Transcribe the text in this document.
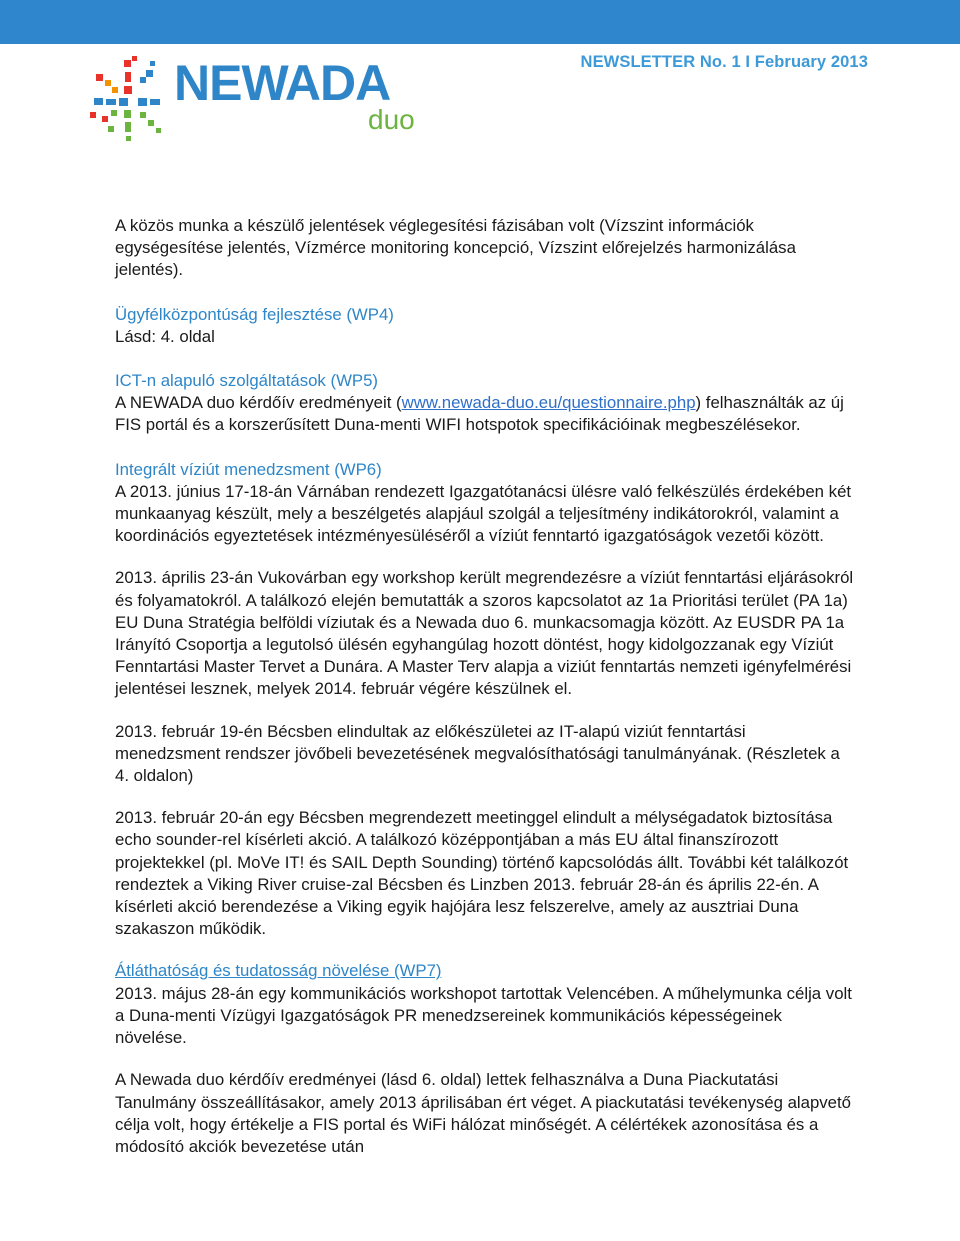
NEWSLETTER No. 1 I February 2013
NEWADA
duo

A közös munka a készülő jelentések véglegesítési fázisában volt (Vízszint információk egységesítése jelentés, Vízmérce monitoring koncepció, Vízszint előrejelzés harmonizálása jelentés).

Ügyfélközpontúság fejlesztése (WP4)

Lásd: 4. oldal

ICT-n alapuló szolgáltatások (WP5)

A NEWADA duo kérdőív eredményeit (www.newada-duo.eu/questionnaire.php) felhasználták az új FIS portál és a korszerűsített Duna-menti WIFI hotspotok specifikációinak megbeszélésekor.

Integrált víziút menedzsment (WP6)

A 2013. június 17-18-án Várnában rendezett Igazgatótanácsi ülésre való felkészülés érdekében két munkaanyag készült, mely a beszélgetés alapjául szolgál a teljesítmény indikátorokról, valamint a koordinációs egyeztetések intézményesüléséről a víziút fenntartó igazgatóságok vezetői között.

2013. április 23-án Vukovárban egy workshop került megrendezésre a víziút fenntartási eljárásokról és folyamatokról. A találkozó elején bemutatták a szoros kapcsolatot az 1a Prioritási terület (PA 1a) EU Duna Stratégia belföldi víziutak és a Newada duo 6. munkacsomagja között. Az EUSDR PA 1a Irányító Csoportja a legutolsó ülésén egyhangúlag hozott döntést, hogy kidolgozzanak egy Víziút Fenntartási Master Tervet a Dunára. A Master Terv alapja a viziút fenntartás nemzeti igényfelmérési jelentései lesznek, melyek 2014. február végére készülnek el.

2013. február 19-én Bécsben elindultak az előkészületei az IT-alapú viziút fenntartási menedzsment rendszer jövőbeli bevezetésének megvalósíthatósági tanulmányának. (Részletek a 4. oldalon)

2013. február 20-án egy Bécsben megrendezett meetinggel elindult a mélységadatok biztosítása echo sounder-rel kísérleti akció. A találkozó középpontjában a más EU által finanszírozott projektekkel (pl. MoVe IT! és SAIL Depth Sounding) történő kapcsolódás állt. További két találkozót rendeztek a Viking River cruise-zal Bécsben és Linzben 2013. február 28-án és április 22-én. A kísérleti akció berendezése a Viking egyik hajójára lesz felszerelve, amely az ausztriai Duna szakaszon működik.

Átláthatóság és tudatosság növelése (WP7)

2013. május 28-án egy kommunikációs workshopot tartottak Velencében. A műhelymunka célja volt a Duna-menti Vízügyi Igazgatóságok PR menedzsereinek kommunikációs képességeinek növelése.

A Newada duo kérdőív eredményei (lásd 6. oldal) lettek felhasználva a Duna Piackutatási Tanulmány összeállításakor, amely 2013 áprilisában ért véget. A piackutatási tevékenység alapvető célja volt, hogy értékelje a FIS portal és WiFi hálózat minőségét. A célértékek azonosítása és a módosító akciók bevezetése után
